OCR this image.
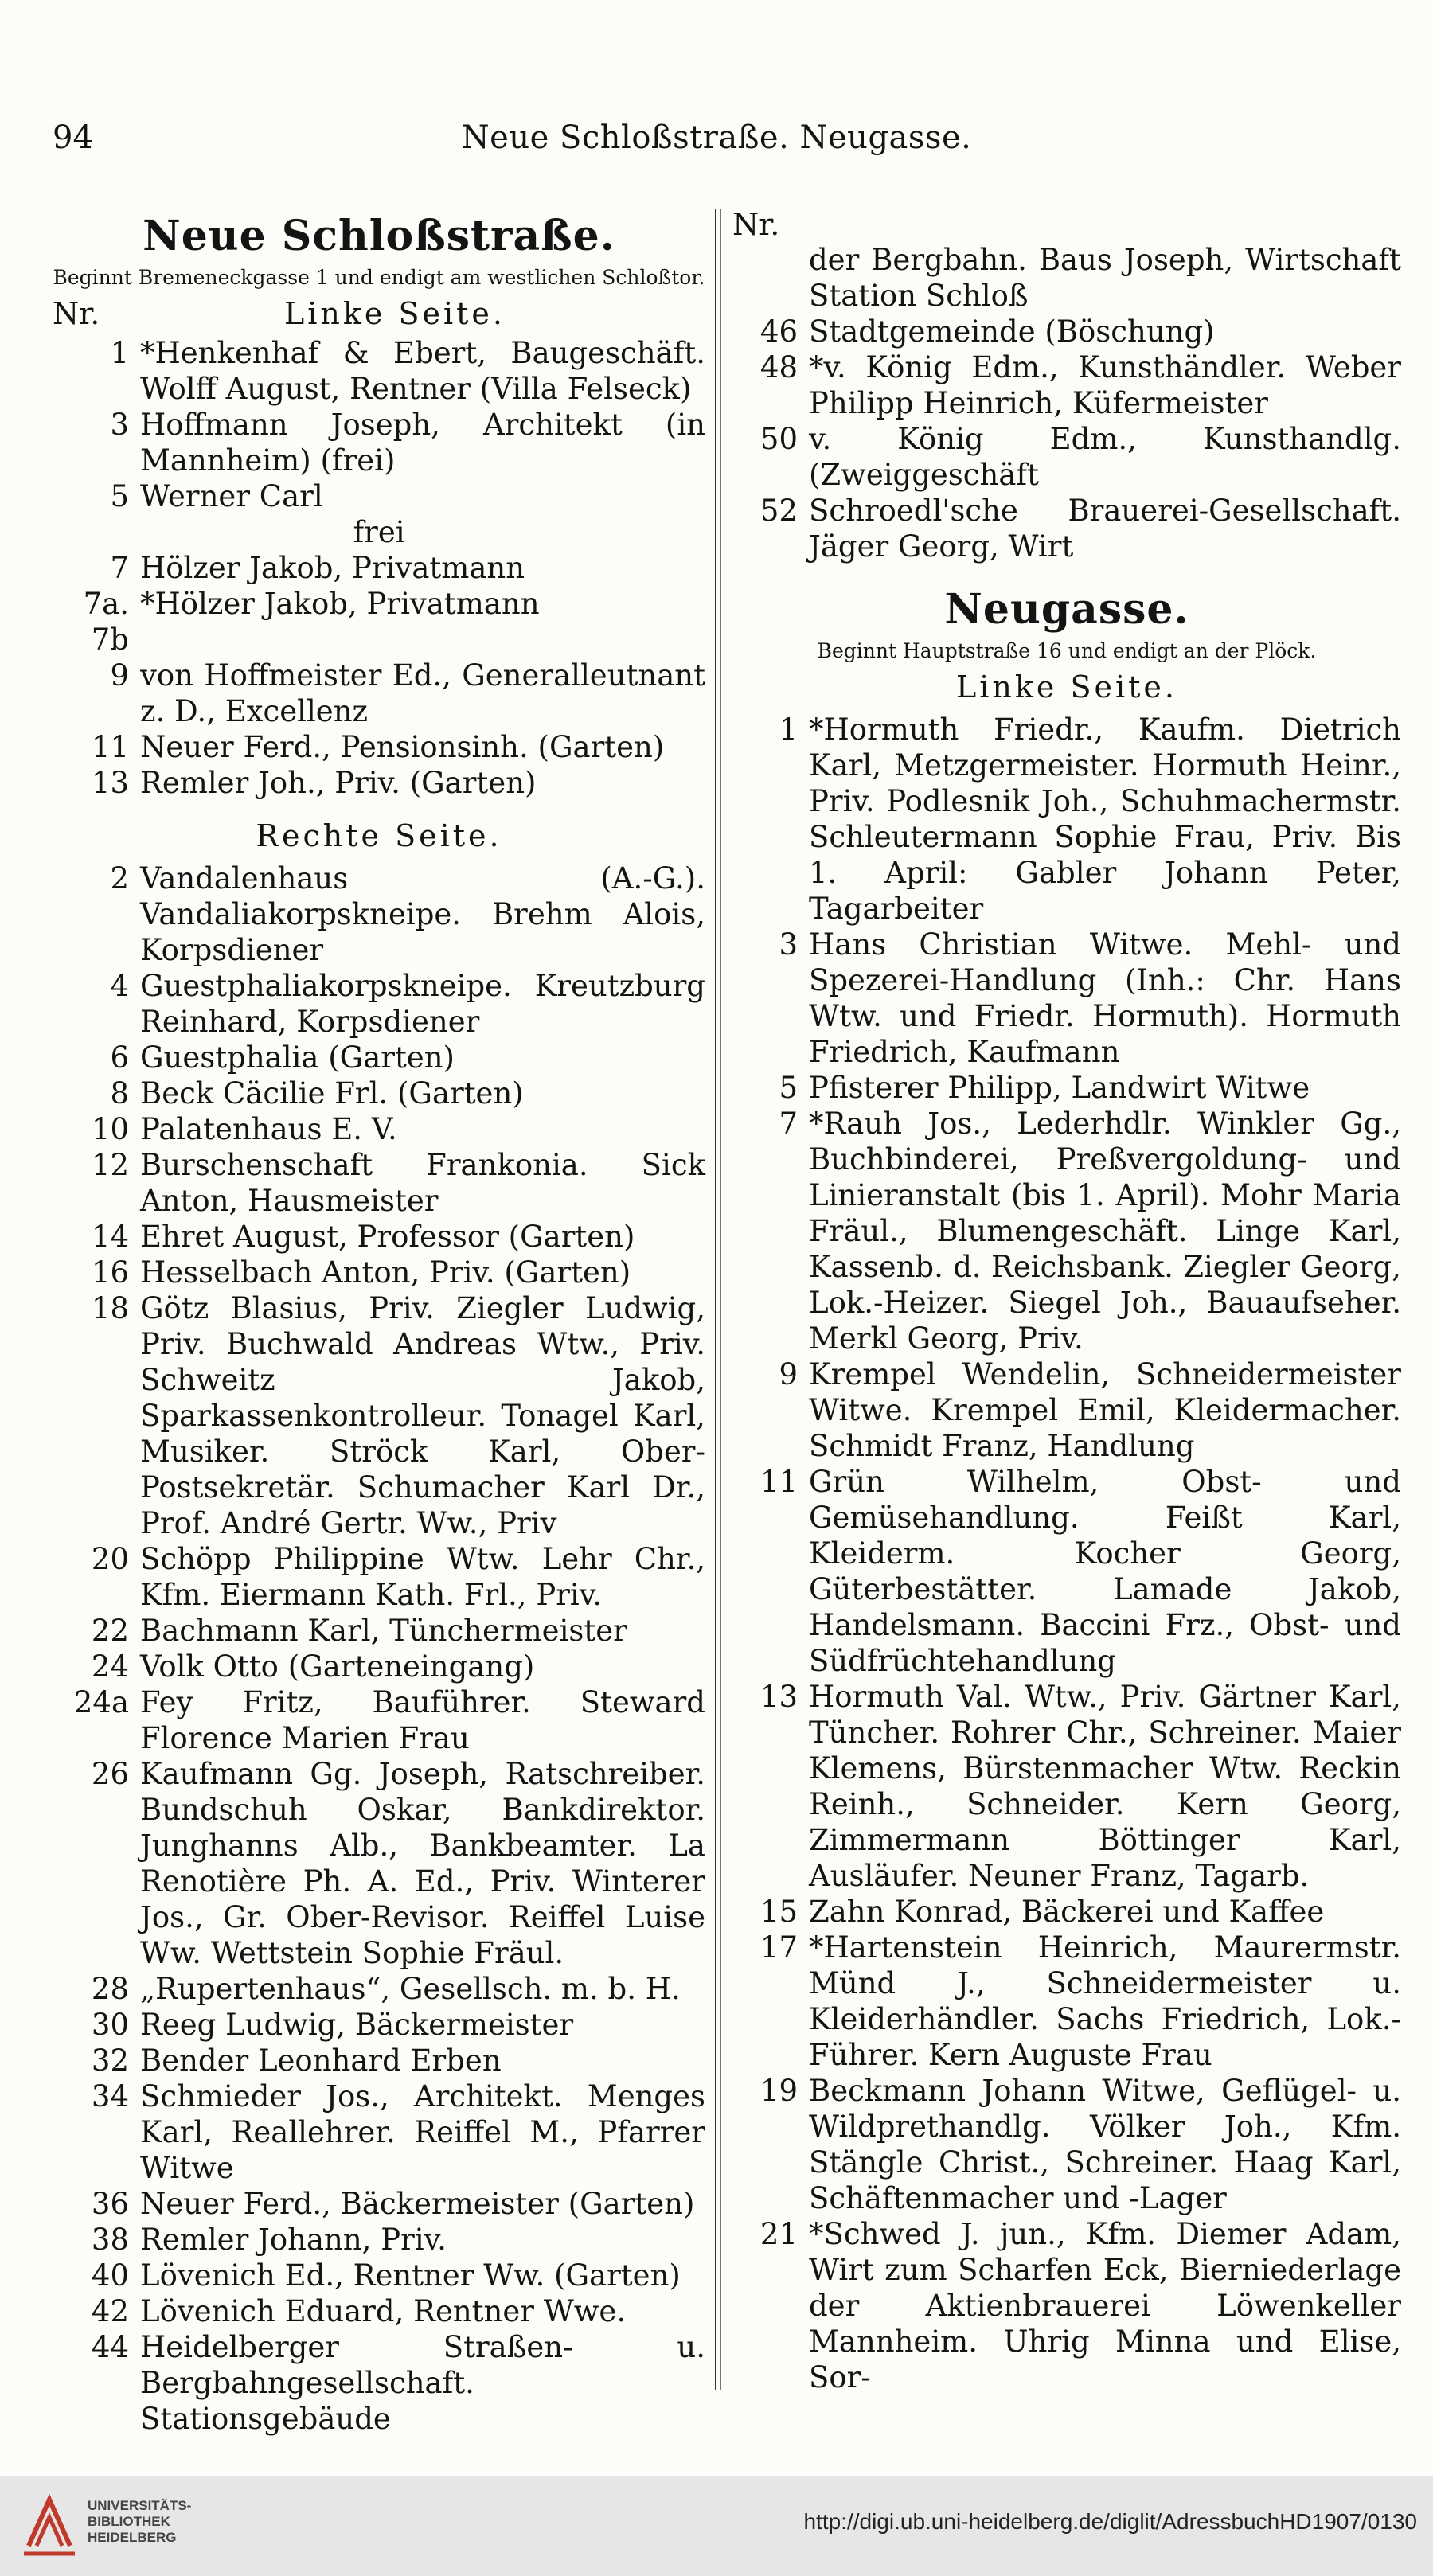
94	Neue Schloßstraße. Neugasse.
Neue Schloßstraße.
Beginnt Bremeneckgasse 1 und endigt am westlichen Schloßtor.
Nr.	Linke Seite.
1 *Henkenhaf & Ebert, Baugeschäft. Wolff August, Rentner (Villa Felseck)
3 Hoffmann Joseph, Architekt (in Mannheim) (frei)
5 Werner Carl
frei
7 Hölzer Jakob, Privatmann
7a. 7b
*Hölzer Jakob, Privatmann
9 von Hoffmeister Ed., Generalleutnant z. D., Excellenz
11 Neuer Ferd., Pensionsinh. (Garten)
13 Remler Joh., Priv. (Garten)
Rechte Seite.
2 Vandalenhaus (A.-G.). Vandaliakorpskneipe. Brehm Alois, Korpsdiener
4 Guestphaliakorpskneipe. Kreutzburg Reinhard, Korpsdiener
6 Guestphalia (Garten)
8 Beck Cäcilie Frl. (Garten)
10 Palatenhaus E. V.
12 Burschenschaft Frankonia. Sick Anton, Hausmeister
14 Ehret August, Professor (Garten)
16 Hesselbach Anton, Priv. (Garten)
18 Götz Blasius, Priv. Ziegler Ludwig, Priv. Buchwald Andreas Wtw., Priv. Schweitz Jakob, Sparkassenkontrolleur. Tonagel Karl, Musiker. Ströck Karl, Ober-Postsekretär. Schumacher Karl Dr., Prof. André Gertr. Ww., Priv
20 Schöpp Philippine Wtw. Lehr Chr., Kfm. Eiermann Kath. Frl., Priv.
22 Bachmann Karl, Tünchermeister
24 Volk Otto (Garteneingang)
24a Fey Fritz, Bauführer. Steward Florence Marien Frau
26 Kaufmann Gg. Joseph, Ratschreiber. Bundschuh Oskar, Bankdirektor. Junghanns Alb., Bankbeamter. La Renotière Ph. A. Ed., Priv. Winterer Jos., Gr. Ober-Revisor. Reiffel Luise Ww. Wettstein Sophie Fräul.
28 „Rupertenhaus“, Gesellsch. m. b. H.
30 Reeg Ludwig, Bäckermeister
32 Bender Leonhard Erben
34 Schmieder Jos., Architekt. Menges Karl, Reallehrer. Reiffel M., Pfarrer Witwe
36 Neuer Ferd., Bäckermeister (Garten)
38 Remler Johann, Priv.
40 Lövenich Ed., Rentner Ww. (Garten)
42 Lövenich Eduard, Rentner Wwe.
44 Heidelberger Straßen- u. Bergbahngesellschaft. Stationsgebäude
Nr.
der Bergbahn. Baus Joseph, Wirtschaft Station Schloß
46 Stadtgemeinde (Böschung)
48 *v. König Edm., Kunsthändler. Weber Philipp Heinrich, Küfermeister
50 v. König Edm., Kunsthandlg. (Zweiggeschäft
52 Schroedl'sche Brauerei-Gesellschaft. Jäger Georg, Wirt
Neugasse.
Beginnt Hauptstraße 16 und endigt an der Plöck.
Linke Seite.
1 *Hormuth Friedr., Kaufm. Dietrich Karl, Metzgermeister. Hormuth Heinr., Priv. Podlesnik Joh., Schuhmachermstr. Schleutermann Sophie Frau, Priv. Bis 1. April: Gabler Johann Peter, Tagarbeiter
3 Hans Christian Witwe. Mehl- und Spezerei-Handlung (Inh.: Chr. Hans Wtw. und Friedr. Hormuth). Hormuth Friedrich, Kaufmann
5 Pfisterer Philipp, Landwirt Witwe
7 *Rauh Jos., Lederhdlr. Winkler Gg., Buchbinderei, Preßvergoldung- und Linieranstalt (bis 1. April). Mohr Maria Fräul., Blumengeschäft. Linge Karl, Kassenb. d. Reichsbank. Ziegler Georg, Lok.-Heizer. Siegel Joh., Bauaufseher. Merkl Georg, Priv.
9 Krempel Wendelin, Schneidermeister Witwe. Krempel Emil, Kleidermacher. Schmidt Franz, Handlung
11 Grün Wilhelm, Obst- und Gemüsehandlung. Feißt Karl, Kleiderm. Kocher Georg, Güterbestätter. Lamade Jakob, Handelsmann. Baccini Frz., Obst- und Südfrüchtehandlung
13 Hormuth Val. Wtw., Priv. Gärtner Karl, Tüncher. Rohrer Chr., Schreiner. Maier Klemens, Bürstenmacher Wtw. Reckin Reinh., Schneider. Kern Georg, Zimmermann Böttinger Karl, Ausläufer. Neuner Franz, Tagarb.
15 Zahn Konrad, Bäckerei und Kaffee
17 *Hartenstein Heinrich, Maurermstr. Münd J., Schneidermeister u. Kleiderhändler. Sachs Friedrich, Lok.-Führer. Kern Auguste Frau
19 Beckmann Johann Witwe, Geflügel- u. Wildprethandlg. Völker Joh., Kfm. Stängle Christ., Schreiner. Haag Karl, Schäftenmacher und -Lager
21 *Schwed J. jun., Kfm. Diemer Adam, Wirt zum Scharfen Eck, Bierniederlage der Aktienbrauerei Löwenkeller Mannheim. Uhrig Minna und Elise, Sor-
UNIVERSITÄTS-
BIBLIOTHEK
HEIDELBERG
http://digi.ub.uni-heidelberg.de/diglit/AdressbuchHD1907/0130
